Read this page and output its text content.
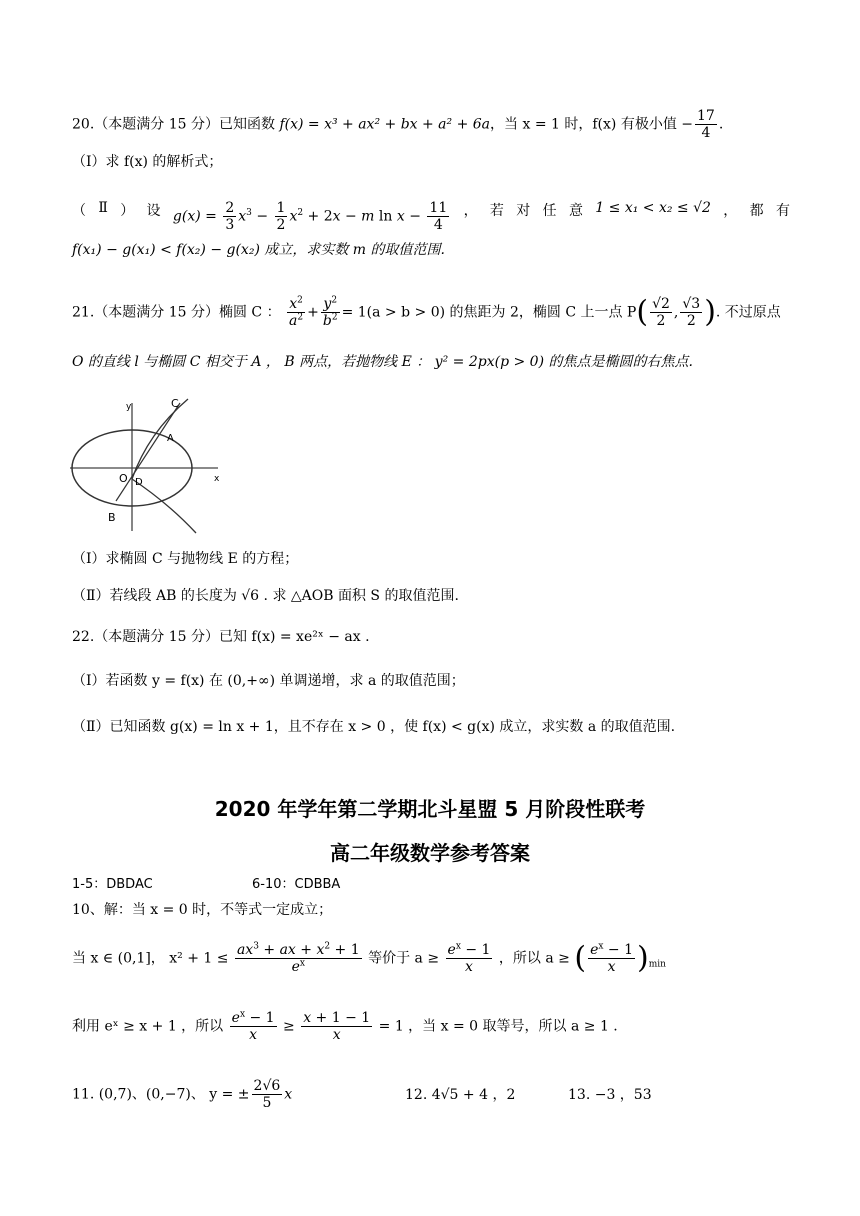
20.（本题满分 15 分）已知函数 f(x) = x³ + ax² + bx + a² + 6a，当 x = 1 时，f(x) 有极小值 − $\frac{17}{4}$ .
（Ⅰ）求 f(x) 的解析式；
（ Ⅱ ） 设 $g(x) = \frac{2}{3} x^3 - \frac{1}{2} x^2 + 2x - m$ $\ln x - \frac{11}{4}$ ， 若 对 任 意 1 ≤ x₁ < x₂ ≤ √2 ， 都 有
f(x₁) − g(x₁) < f(x₂) − g(x₂) 成立，求实数 m 的取值范围.
21.（本题满分 15 分）椭圆 C ： $\frac{x^2}{a^2} + \frac{y^2}{b^2} = 1(a > b > 0)$ 的焦距为 2，椭圆 C 上一点 $P( \frac{√2}{2}$ , $\frac{√3}{2}$ ). 不过原点
O 的直线 l 与椭圆 C 相交于 A ， B 两点，若抛物线 E ： y² = 2px(p > 0) 的焦点是椭圆的右焦点.
y
x
C
A
O D
B
（Ⅰ）求椭圆 C 与抛物线 E 的方程；
（Ⅱ）若线段 AB 的长度为 √6 . 求 △AOB 面积 S 的取值范围.
22.（本题满分 15 分）已知 f(x) = xe²ˣ − ax .
（Ⅰ）若函数 y = f(x) 在 (0,+∞) 单调递增，求 a 的取值范围；
（Ⅱ）已知函数 g(x) = ln x + 1，且不存在 x > 0 ，使 f(x) < g(x) 成立，求实数 a 的取值范围.
2020 年学年第二学期北斗星盟 5 月阶段性联考
高二年级数学参考答案
1-5：DBDAC	6-10：CDBBA
10、解：当 x = 0 时，不等式一定成立；
当 x ∈ (0,1]， $x^2 + 1 \le \frac{ax^3 + ax + x^2 + 1}{e^x}$ 等价于 $a \ge \frac{e^x - 1}{x}$ ，所以 a ≥ ( $\frac{e^x - 1}{x} )_{min}$
利用 eˣ ≥ x + 1 ，所以 $\frac{e^x - 1}{x} \ge \frac{x + 1 - 1}{x} = 1$ ，当 x = 0 取等号，所以 a ≥ 1 .
11. (0,7)、(0,−7)、 y = ± $\frac{2√6}{5}$ x	12. 4√5 + 4 ，2	13. −3 ，53
